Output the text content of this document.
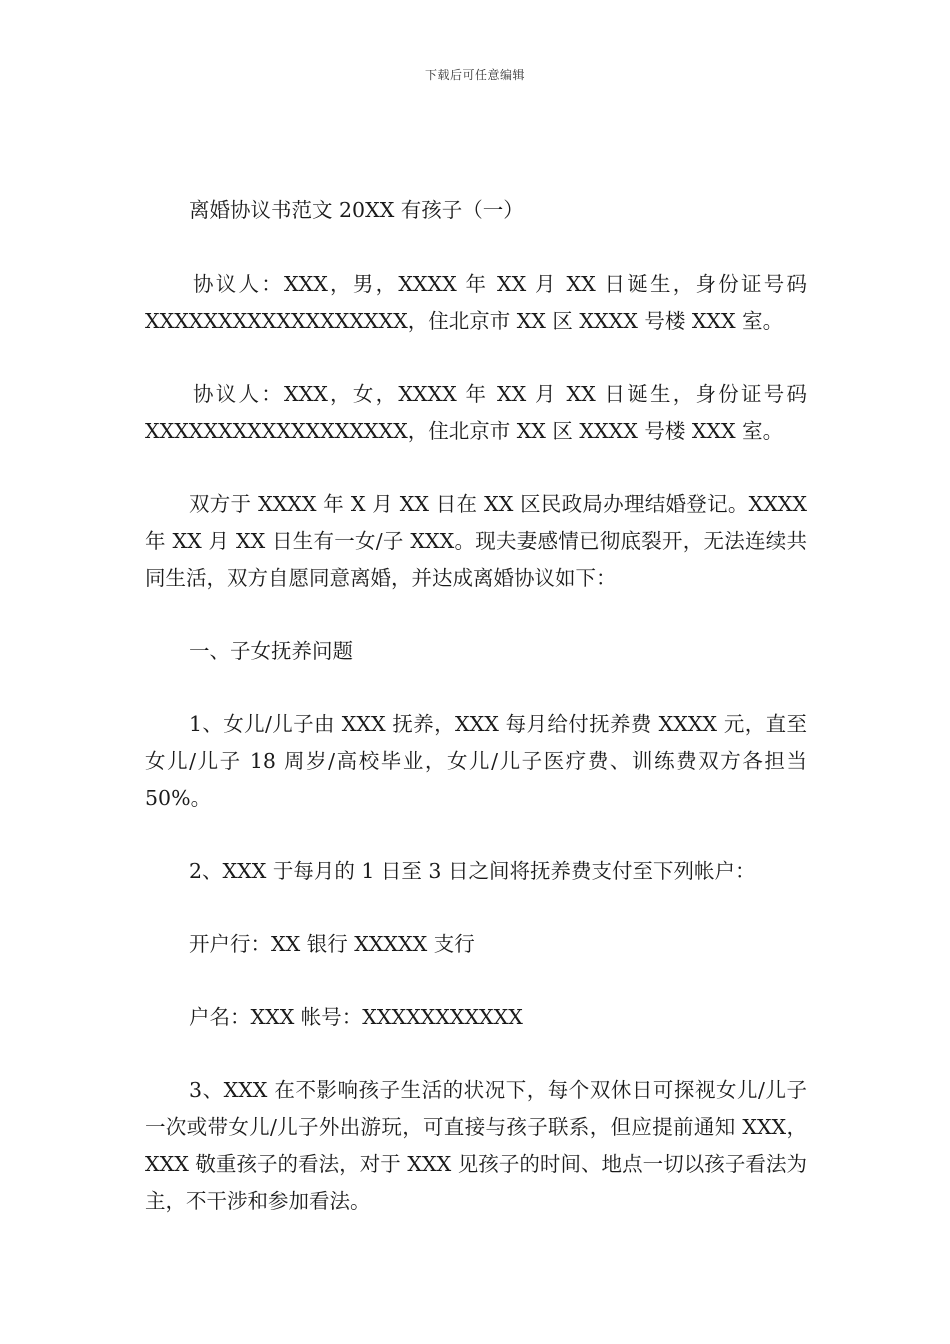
下载后可任意编辑

离婚协议书范文 20XX 有孩子（一）

协议人：XXX，男，XXXX 年 XX 月 XX 日诞生，身份证号码 XXXXXXXXXXXXXXXXXX，住北京市 XX 区 XXXX 号楼 XXX 室。

协议人：XXX，女，XXXX 年 XX 月 XX 日诞生，身份证号码 XXXXXXXXXXXXXXXXXX，住北京市 XX 区 XXXX 号楼 XXX 室。

双方于 XXXX 年 X 月 XX 日在 XX 区民政局办理结婚登记。XXXX 年 XX 月 XX 日生有一女/子 XXX。现夫妻感情已彻底裂开，无法连续共同生活，双方自愿同意离婚，并达成离婚协议如下：

一、子女抚养问题

1、女儿/儿子由 XXX 抚养，XXX 每月给付抚养费 XXXX 元，直至女儿/儿子 18 周岁/高校毕业，女儿/儿子医疗费、训练费双方各担当 50%。

2、XXX 于每月的 1 日至 3 日之间将抚养费支付至下列帐户：

开户行：XX 银行 XXXXX 支行

户名：XXX 帐号：XXXXXXXXXXX

3、XXX 在不影响孩子生活的状况下，每个双休日可探视女儿/儿子一次或带女儿/儿子外出游玩，可直接与孩子联系，但应提前通知 XXX，XXX 敬重孩子的看法，对于 XXX 见孩子的时间、地点一切以孩子看法为主，不干涉和参加看法。
